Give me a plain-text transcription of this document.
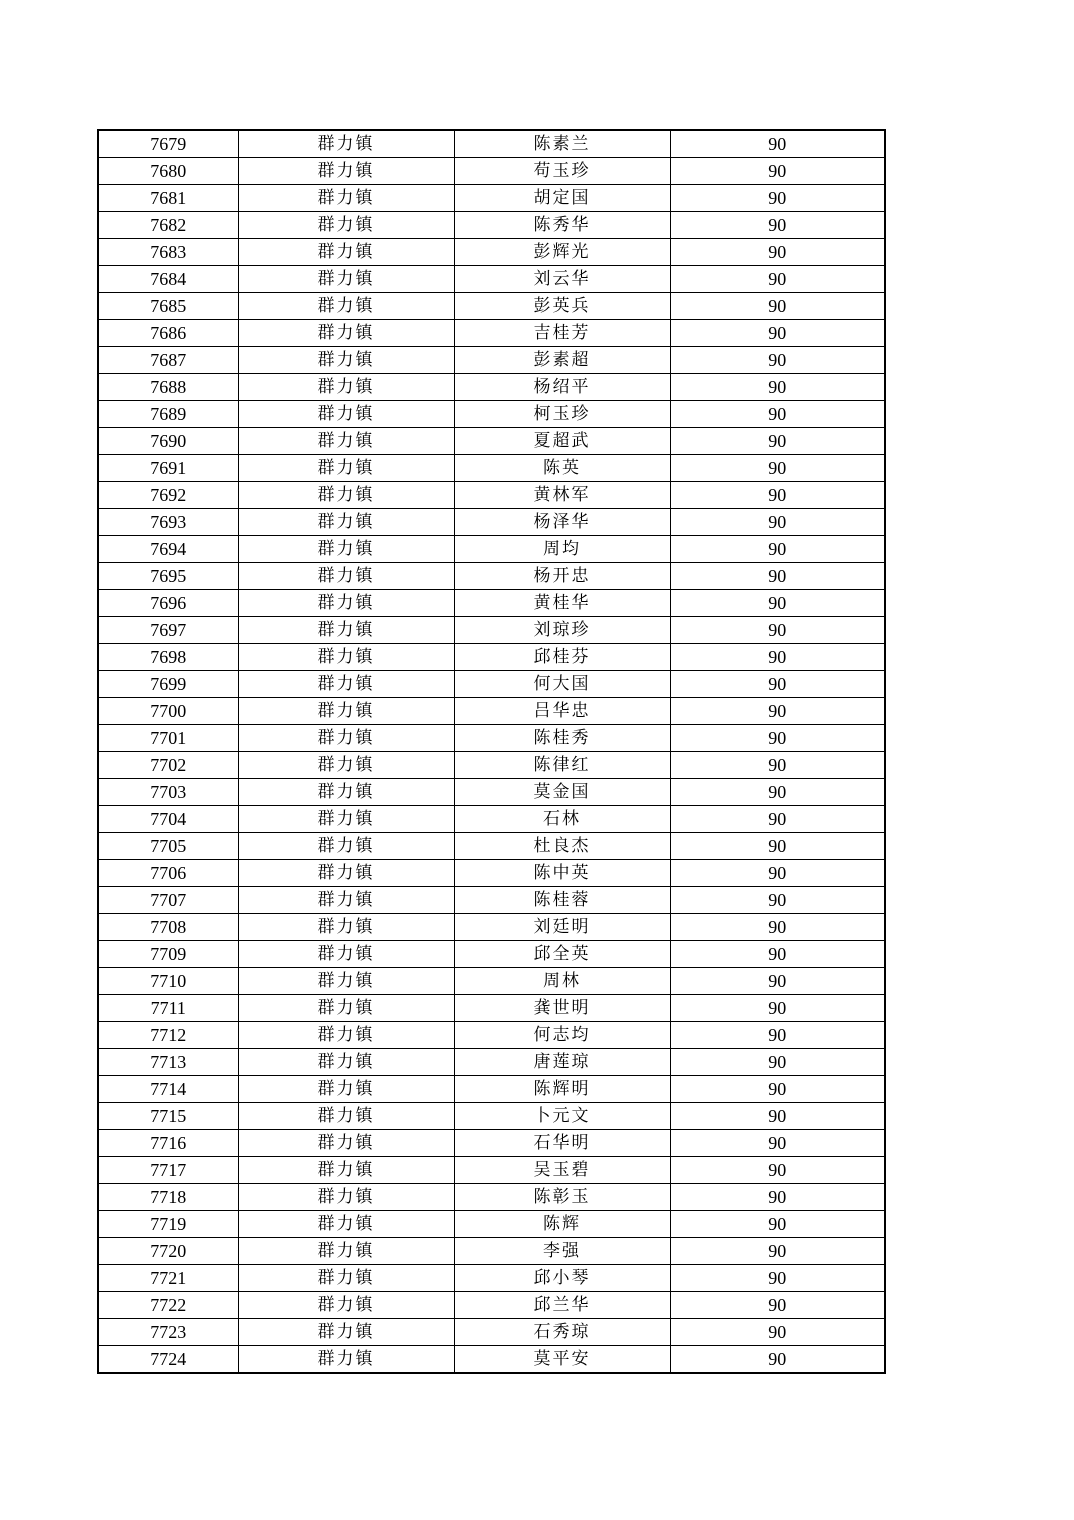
7679	群力镇	陈素兰	90
7680	群力镇	苟玉珍	90
7681	群力镇	胡定国	90
7682	群力镇	陈秀华	90
7683	群力镇	彭辉光	90
7684	群力镇	刘云华	90
7685	群力镇	彭英兵	90
7686	群力镇	吉桂芳	90
7687	群力镇	彭素超	90
7688	群力镇	杨绍平	90
7689	群力镇	柯玉珍	90
7690	群力镇	夏超武	90
7691	群力镇	陈英	90
7692	群力镇	黄林军	90
7693	群力镇	杨泽华	90
7694	群力镇	周均	90
7695	群力镇	杨开忠	90
7696	群力镇	黄桂华	90
7697	群力镇	刘琼珍	90
7698	群力镇	邱桂芬	90
7699	群力镇	何大国	90
7700	群力镇	吕华忠	90
7701	群力镇	陈桂秀	90
7702	群力镇	陈律红	90
7703	群力镇	莫金国	90
7704	群力镇	石林	90
7705	群力镇	杜良杰	90
7706	群力镇	陈中英	90
7707	群力镇	陈桂蓉	90
7708	群力镇	刘廷明	90
7709	群力镇	邱全英	90
7710	群力镇	周林	90
7711	群力镇	龚世明	90
7712	群力镇	何志均	90
7713	群力镇	唐莲琼	90
7714	群力镇	陈辉明	90
7715	群力镇	卜元文	90
7716	群力镇	石华明	90
7717	群力镇	吴玉碧	90
7718	群力镇	陈彰玉	90
7719	群力镇	陈辉	90
7720	群力镇	李强	90
7721	群力镇	邱小琴	90
7722	群力镇	邱兰华	90
7723	群力镇	石秀琼	90
7724	群力镇	莫平安	90
